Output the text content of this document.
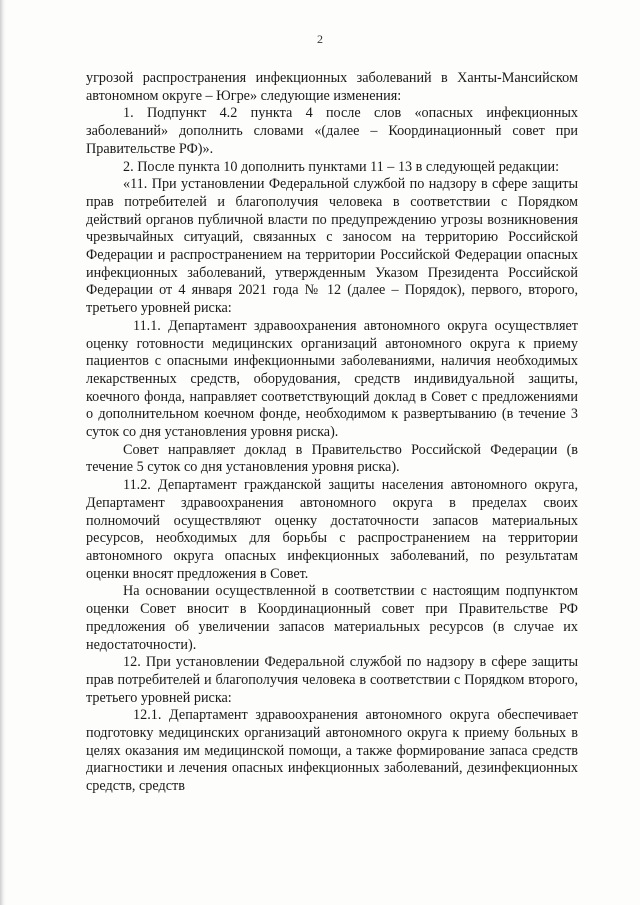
2

угрозой распространения инфекционных заболеваний в Ханты-Мансийском автономном округе – Югре» следующие изменения:

1. Подпункт 4.2 пункта 4 после слов «опасных инфекционных заболеваний» дополнить словами «(далее – Координационный совет при Правительстве РФ)».

2. После пункта 10 дополнить пунктами 11 – 13 в следующей редакции:

«11. При установлении Федеральной службой по надзору в сфере защиты прав потребителей и благополучия человека в соответствии с Порядком действий органов публичной власти по предупреждению угрозы возникновения чрезвычайных ситуаций, связанных с заносом на территорию Российской Федерации и распространением на территории Российской Федерации опасных инфекционных заболеваний, утвержденным Указом Президента Российской Федерации от 4 января 2021 года № 12 (далее – Порядок), первого, второго, третьего уровней риска:

11.1. Департамент здравоохранения автономного округа осуществляет оценку готовности медицинских организаций автономного округа к приему пациентов с опасными инфекционными заболеваниями, наличия необходимых лекарственных средств, оборудования, средств индивидуальной защиты, коечного фонда, направляет соответствующий доклад в Совет с предложениями о дополнительном коечном фонде, необходимом к развертыванию (в течение 3 суток со дня установления уровня риска).

Совет направляет доклад в Правительство Российской Федерации (в течение 5 суток со дня установления уровня риска).

11.2. Департамент гражданской защиты населения автономного округа, Департамент здравоохранения автономного округа в пределах своих полномочий осуществляют оценку достаточности запасов материальных ресурсов, необходимых для борьбы с распространением на территории автономного округа опасных инфекционных заболеваний, по результатам оценки вносят предложения в Совет.

На основании осуществленной в соответствии с настоящим подпунктом оценки Совет вносит в Координационный совет при Правительстве РФ предложения об увеличении запасов материальных ресурсов (в случае их недостаточности).

12. При установлении Федеральной службой по надзору в сфере защиты прав потребителей и благополучия человека в соответствии с Порядком второго, третьего уровней риска:

12.1. Департамент здравоохранения автономного округа обеспечивает подготовку медицинских организаций автономного округа к приему больных в целях оказания им медицинской помощи, а также формирование запаса средств диагностики и лечения опасных инфекционных заболеваний, дезинфекционных средств, средств
